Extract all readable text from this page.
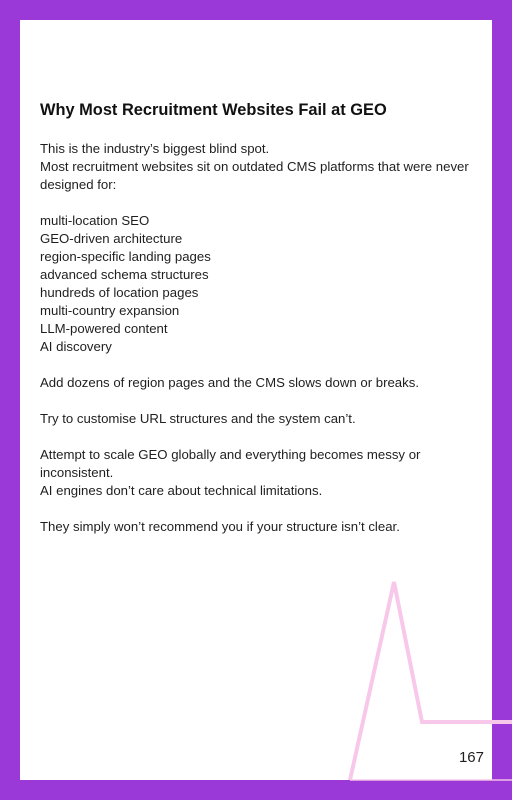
Why Most Recruitment Websites Fail at GEO

This is the industry’s biggest blind spot.

Most recruitment websites sit on outdated CMS platforms that were never designed for:

multi-location SEO
GEO-driven architecture
region-specific landing pages
advanced schema structures
hundreds of location pages
multi-country expansion
LLM-powered content
AI discovery

Add dozens of region pages and the CMS slows down or breaks.

Try to customise URL structures and the system can’t.

Attempt to scale GEO globally and everything becomes messy or inconsistent.

AI engines don’t care about technical limitations.

They simply won’t recommend you if your structure isn’t clear.

167
